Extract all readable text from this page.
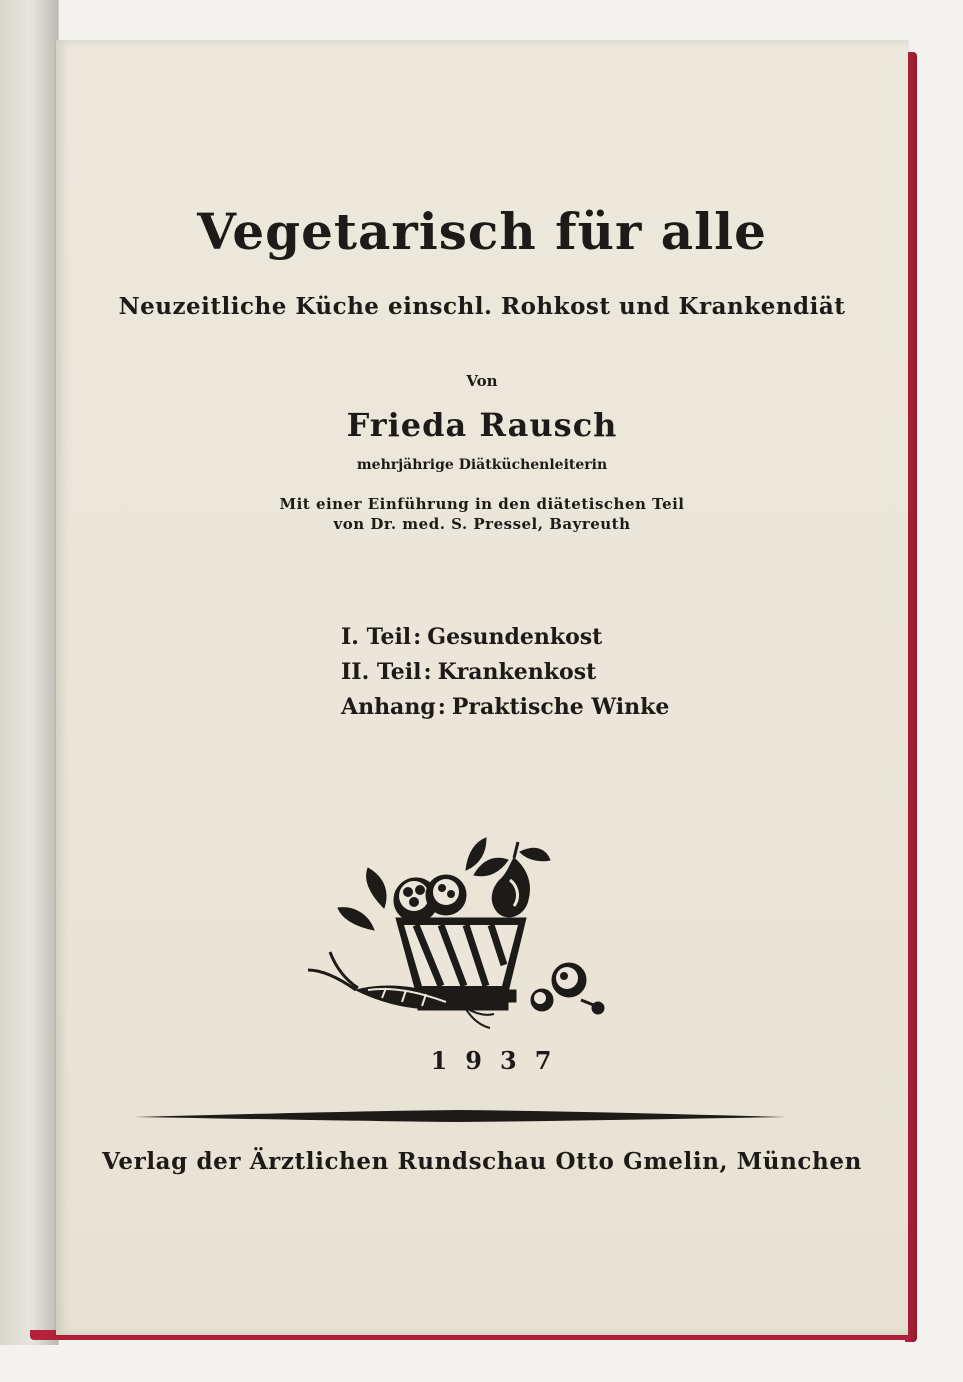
Vegetarisch für alle

Neuzeitliche Küche einschl. Rohkost und Krankendiät

Von

Frieda Rausch

mehrjährige Diätküchenleiterin

Mit einer Einführung in den diätetischen Teil

von Dr. med. S. Pressel, Bayreuth

I. Teil: Gesundenkost
II. Teil: Krankenkost
Anhang: Praktische Winke

1937

Verlag der Ärztlichen Rundschau Otto Gmelin, München
